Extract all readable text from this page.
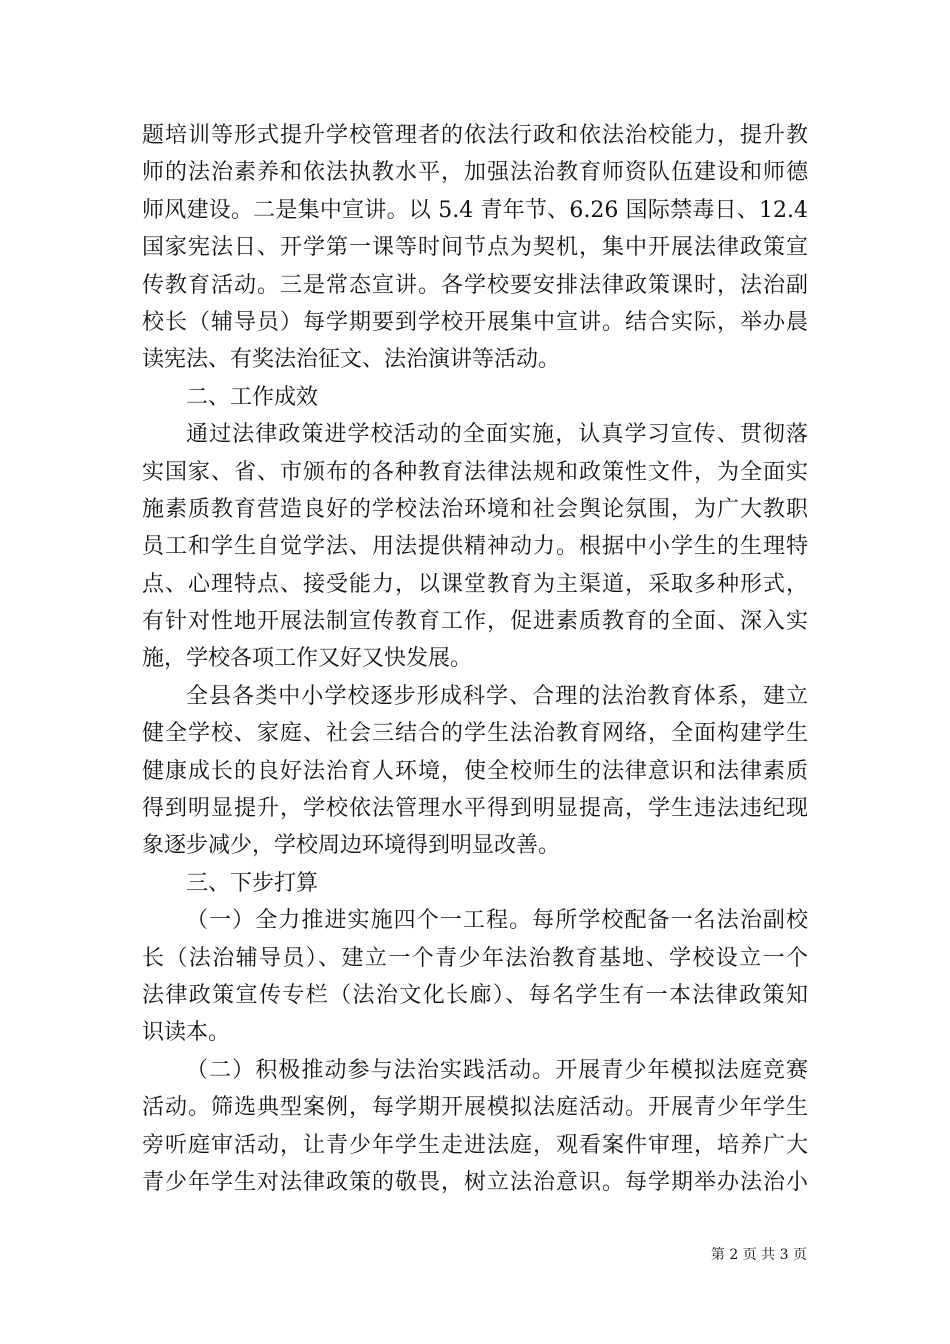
题培训等形式提升学校管理者的依法行政和依法治校能力，提升教
师的法治素养和依法执教水平，加强法治教育师资队伍建设和师德
师风建设。二是集中宣讲。以 5.4 青年节、6.26 国际禁毒日、12.4
国家宪法日、开学第一课等时间节点为契机，集中开展法律政策宣
传教育活动。三是常态宣讲。各学校要安排法律政策课时，法治副
校长（辅导员）每学期要到学校开展集中宣讲。结合实际，举办晨
读宪法、有奖法治征文、法治演讲等活动。
二、工作成效
通过法律政策进学校活动的全面实施，认真学习宣传、贯彻落
实国家、省、市颁布的各种教育法律法规和政策性文件，为全面实
施素质教育营造良好的学校法治环境和社会舆论氛围，为广大教职
员工和学生自觉学法、用法提供精神动力。根据中小学生的生理特
点、心理特点、接受能力，以课堂教育为主渠道，采取多种形式，
有针对性地开展法制宣传教育工作，促进素质教育的全面、深入实
施，学校各项工作又好又快发展。
全县各类中小学校逐步形成科学、合理的法治教育体系，建立
健全学校、家庭、社会三结合的学生法治教育网络，全面构建学生
健康成长的良好法治育人环境，使全校师生的法律意识和法律素质
得到明显提升，学校依法管理水平得到明显提高，学生违法违纪现
象逐步减少，学校周边环境得到明显改善。
三、下步打算
（一）全力推进实施四个一工程。每所学校配备一名法治副校
长（法治辅导员）、建立一个青少年法治教育基地、学校设立一个
法律政策宣传专栏（法治文化长廊）、每名学生有一本法律政策知
识读本。
（二）积极推动参与法治实践活动。开展青少年模拟法庭竞赛
活动。筛选典型案例，每学期开展模拟法庭活动。开展青少年学生
旁听庭审活动，让青少年学生走进法庭，观看案件审理，培养广大
青少年学生对法律政策的敬畏，树立法治意识。每学期举办法治小
第 2 页 共 3 页
